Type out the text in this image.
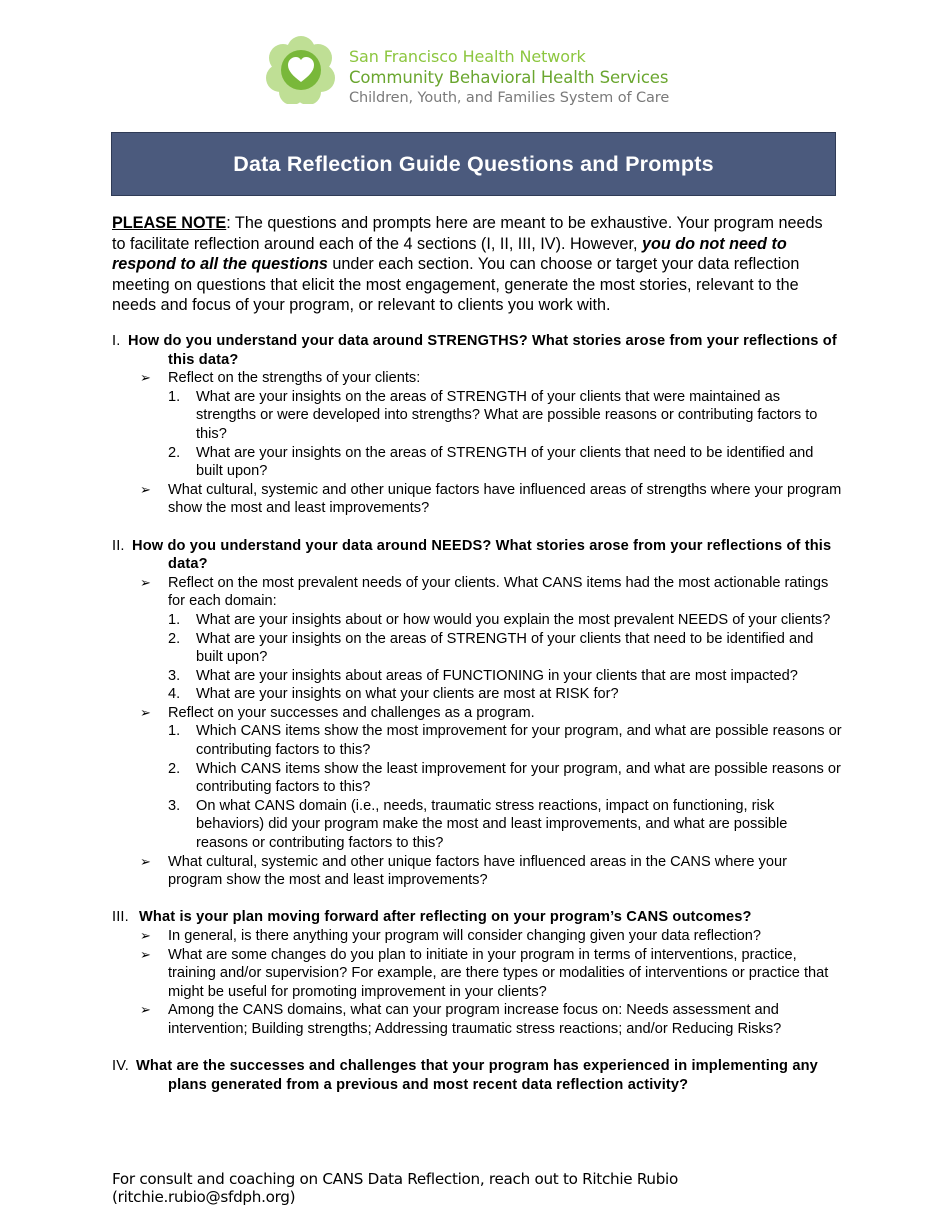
San Francisco Health Network
Community Behavioral Health Services
Children, Youth, and Families System of Care
Data Reflection Guide Questions and Prompts
PLEASE NOTE: The questions and prompts here are meant to be exhaustive. Your program needs to facilitate reflection around each of the 4 sections (I, II, III, IV). However, you do not need to respond to all the questions under each section. You can choose or target your data reflection meeting on questions that elicit the most engagement, generate the most stories, relevant to the needs and focus of your program, or relevant to clients you work with.
I. How do you understand your data around STRENGTHS? What stories arose from your reflections of this data?
➢ Reflect on the strengths of your clients:
1. What are your insights on the areas of STRENGTH of your clients that were maintained as strengths or were developed into strengths? What are possible reasons or contributing factors to this?
2. What are your insights on the areas of STRENGTH of your clients that need to be identified and built upon?
➢ What cultural, systemic and other unique factors have influenced areas of strengths where your program show the most and least improvements?
II. How do you understand your data around NEEDS? What stories arose from your reflections of this data?
➢ Reflect on the most prevalent needs of your clients. What CANS items had the most actionable ratings for each domain:
1. What are your insights about or how would you explain the most prevalent NEEDS of your clients?
2. What are your insights on the areas of STRENGTH of your clients that need to be identified and built upon?
3. What are your insights about areas of FUNCTIONING in your clients that are most impacted?
4. What are your insights on what your clients are most at RISK for?
➢ Reflect on your successes and challenges as a program.
1. Which CANS items show the most improvement for your program, and what are possible reasons or contributing factors to this?
2. Which CANS items show the least improvement for your program, and what are possible reasons or contributing factors to this?
3. On what CANS domain (i.e., needs, traumatic stress reactions, impact on functioning, risk behaviors) did your program make the most and least improvements, and what are possible reasons or contributing factors to this?
➢ What cultural, systemic and other unique factors have influenced areas in the CANS where your program show the most and least improvements?
III. What is your plan moving forward after reflecting on your program’s CANS outcomes?
➢ In general, is there anything your program will consider changing given your data reflection?
➢ What are some changes do you plan to initiate in your program in terms of interventions, practice, training and/or supervision? For example, are there types or modalities of interventions or practice that might be useful for promoting improvement in your clients?
➢ Among the CANS domains, what can your program increase focus on: Needs assessment and intervention; Building strengths; Addressing traumatic stress reactions; and/or Reducing Risks?
IV. What are the successes and challenges that your program has experienced in implementing any plans generated from a previous and most recent data reflection activity?
For consult and coaching on CANS Data Reflection, reach out to Ritchie Rubio (ritchie.rubio@sfdph.org)
